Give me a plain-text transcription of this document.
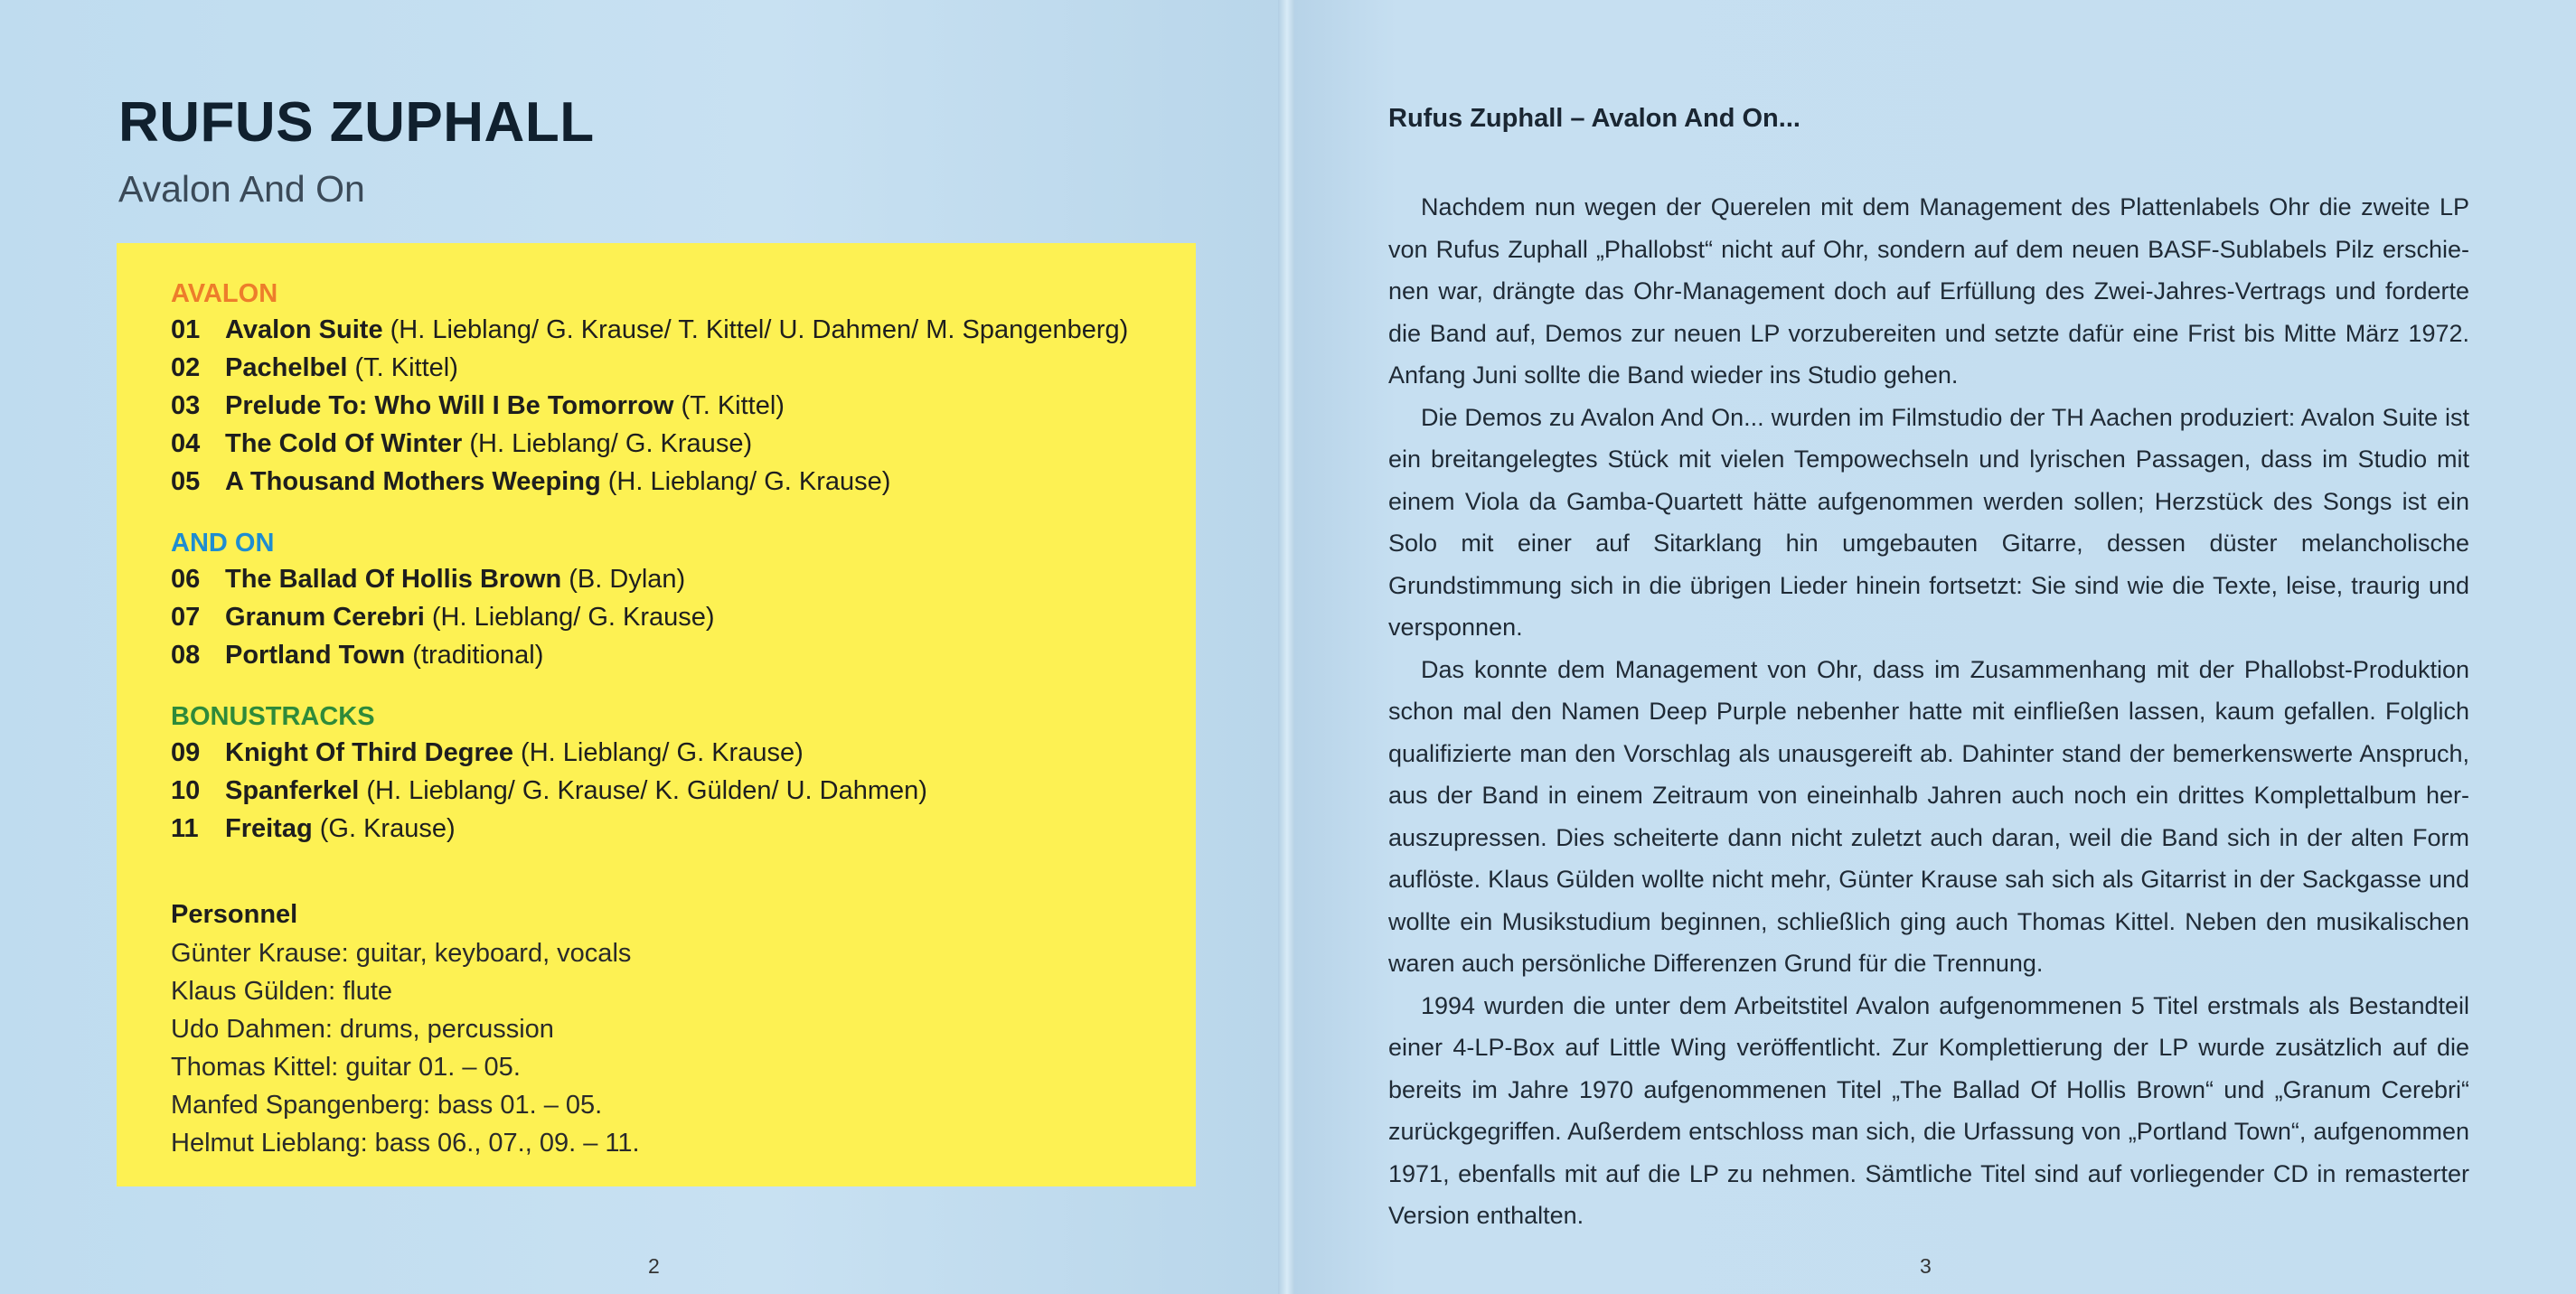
RUFUS ZUPHALL
Avalon And On
AVALON
01 Avalon Suite (H. Lieblang/ G. Krause/ T. Kittel/ U. Dahmen/ M. Spangenberg)
02 Pachelbel (T. Kittel)
03 Prelude To: Who Will I Be Tomorrow (T. Kittel)
04 The Cold Of Winter (H. Lieblang/ G. Krause)
05 A Thousand Mothers Weeping (H. Lieblang/ G. Krause)
AND ON
06 The Ballad Of Hollis Brown (B. Dylan)
07 Granum Cerebri (H. Lieblang/ G. Krause)
08 Portland Town (traditional)
BONUSTRACKS
09 Knight Of Third Degree (H. Lieblang/ G. Krause)
10 Spanferkel (H. Lieblang/ G. Krause/ K. Gülden/ U. Dahmen)
11 Freitag (G. Krause)
Personnel
Günter Krause: guitar, keyboard, vocals
Klaus Gülden: flute
Udo Dahmen: drums, percussion
Thomas Kittel: guitar 01. – 05.
Manfed Spangenberg: bass 01. – 05.
Helmut Lieblang: bass 06., 07., 09. – 11.
2
Rufus Zuphall – Avalon And On...

Nachdem nun wegen der Querelen mit dem Management des Plattenlabels Ohr die zweite LP von Rufus Zuphall „Phallobst“ nicht auf Ohr, sondern auf dem neuen BASF-Sublabels Pilz erschienen war, drängte das Ohr-Management doch auf Erfüllung des Zwei-Jahres-Vertrags und forderte die Band auf, Demos zur neuen LP vorzubereiten und setzte dafür eine Frist bis Mitte März 1972. Anfang Juni sollte die Band wieder ins Studio gehen.

Die Demos zu Avalon And On... wurden im Filmstudio der TH Aachen produziert: Avalon Suite ist ein breitangelegtes Stück mit vielen Tempowechseln und lyrischen Passagen, dass im Studio mit einem Viola da Gamba-Quartett hätte aufgenommen werden sollen; Herzstück des Songs ist ein Solo mit einer auf Sitarklang hin umgebauten Gitarre, dessen düster melancholische Grundstimmung sich in die übrigen Lieder hinein fortsetzt: Sie sind wie die Texte, leise, traurig und versponnen.

Das konnte dem Management von Ohr, dass im Zusammenhang mit der Phallobst-Produktion schon mal den Namen Deep Purple nebenher hatte mit einfließen lassen, kaum gefallen. Folglich qualifizierte man den Vorschlag als unausgereift ab. Dahinter stand der bemerkenswerte Anspruch, aus der Band in einem Zeitraum von eineinhalb Jahren auch noch ein drittes Komplettalbum herauszupressen. Dies scheiterte dann nicht zuletzt auch daran, weil die Band sich in der alten Form auflöste. Klaus Gülden wollte nicht mehr, Günter Krause sah sich als Gitarrist in der Sackgasse und wollte ein Musikstudium beginnen, schließlich ging auch Thomas Kittel. Neben den musikalischen waren auch persönliche Differenzen Grund für die Trennung.

1994 wurden die unter dem Arbeitstitel Avalon aufgenommenen 5 Titel erstmals als Bestandteil einer 4-LP-Box auf Little Wing veröffentlicht. Zur Komplettierung der LP wurde zusätzlich auf die bereits im Jahre 1970 aufgenommenen Titel „The Ballad Of Hollis Brown“ und „Granum Cerebri“ zurückgegriffen. Außerdem entschloss man sich, die Urfassung von „Portland Town“, aufgenommen 1971, ebenfalls mit auf die LP zu nehmen. Sämtliche Titel sind auf vorliegender CD in remasterter Version enthalten.

3
